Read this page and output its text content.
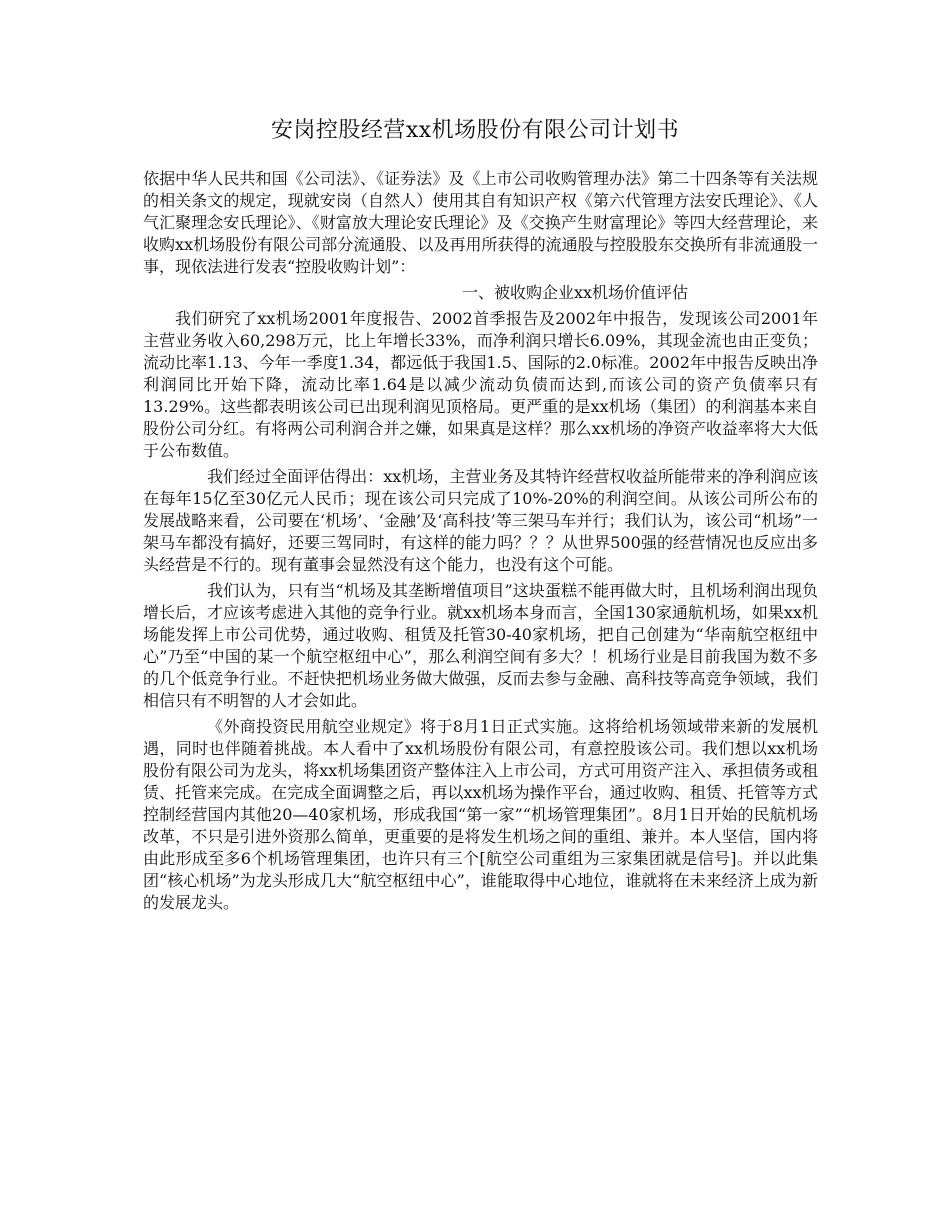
安岗控股经营xx机场股份有限公司计划书

依据中华人民共和国《公司法》、《证券法》及《上市公司收购管理办法》第二十四条等有关法规的相关条文的规定，现就安岗（自然人）使用其自有知识产权《第六代管理方法安氏理论》、《人气汇聚理念安氏理论》、《财富放大理论安氏理论》及《交换产生财富理论》等四大经营理论，来收购xx机场股份有限公司部分流通股、以及再用所获得的流通股与控股股东交换所有非流通股一事，现依法进行发表“控股收购计划”：

一、被收购企业xx机场价值评估

我们研究了xx机场2001年度报告、2002首季报告及2002年中报告，发现该公司2001年主营业务收入60,298万元，比上年增长33%，而净利润只增长6.09%，其现金流也由正变负；流动比率1.13、今年一季度1.34，都远低于我国1.5、国际的2.0标准。2002年中报告反映出净利润同比开始下降，流动比率1.64是以减少流动负债而达到,而该公司的资产负债率只有13.29%。这些都表明该公司已出现利润见顶格局。更严重的是xx机场（集团）的利润基本来自股份公司分红。有将两公司利润合并之嫌，如果真是这样？那么xx机场的净资产收益率将大大低于公布数值。

我们经过全面评估得出：xx机场，主营业务及其特许经营权收益所能带来的净利润应该在每年15亿至30亿元人民币；现在该公司只完成了10%-20%的利润空间。从该公司所公布的发展战略来看，公司要在‘机场’、‘金融’及‘高科技’等三架马车并行；我们认为，该公司“机场”一架马车都没有搞好，还要三驾同时，有这样的能力吗？？？从世界500强的经营情况也反应出多头经营是不行的。现有董事会显然没有这个能力，也没有这个可能。

我们认为，只有当“机场及其垄断增值项目”这块蛋糕不能再做大时，且机场利润出现负增长后，才应该考虑进入其他的竞争行业。就xx机场本身而言，全国130家通航机场，如果xx机场能发挥上市公司优势，通过收购、租赁及托管30-40家机场，把自己创建为“华南航空枢纽中心”乃至“中国的某一个航空枢纽中心”，那么利润空间有多大？！机场行业是目前我国为数不多的几个低竞争行业。不赶快把机场业务做大做强，反而去参与金融、高科技等高竞争领域，我们相信只有不明智的人才会如此。

《外商投资民用航空业规定》将于8月1日正式实施。这将给机场领域带来新的发展机遇，同时也伴随着挑战。本人看中了xx机场股份有限公司，有意控股该公司。我们想以xx机场股份有限公司为龙头，将xx机场集团资产整体注入上市公司，方式可用资产注入、承担债务或租赁、托管来完成。在完成全面调整之后，再以xx机场为操作平台，通过收购、租赁、托管等方式控制经营国内其他20—40家机场，形成我国“第一家”“机场管理集团”。8月1日开始的民航机场改革，不只是引进外资那么简单，更重要的是将发生机场之间的重组、兼并。本人坚信，国内将由此形成至多6个机场管理集团，也许只有三个[航空公司重组为三家集团就是信号]。并以此集团“核心机场”为龙头形成几大“航空枢纽中心”，谁能取得中心地位，谁就将在未来经济上成为新的发展龙头。
